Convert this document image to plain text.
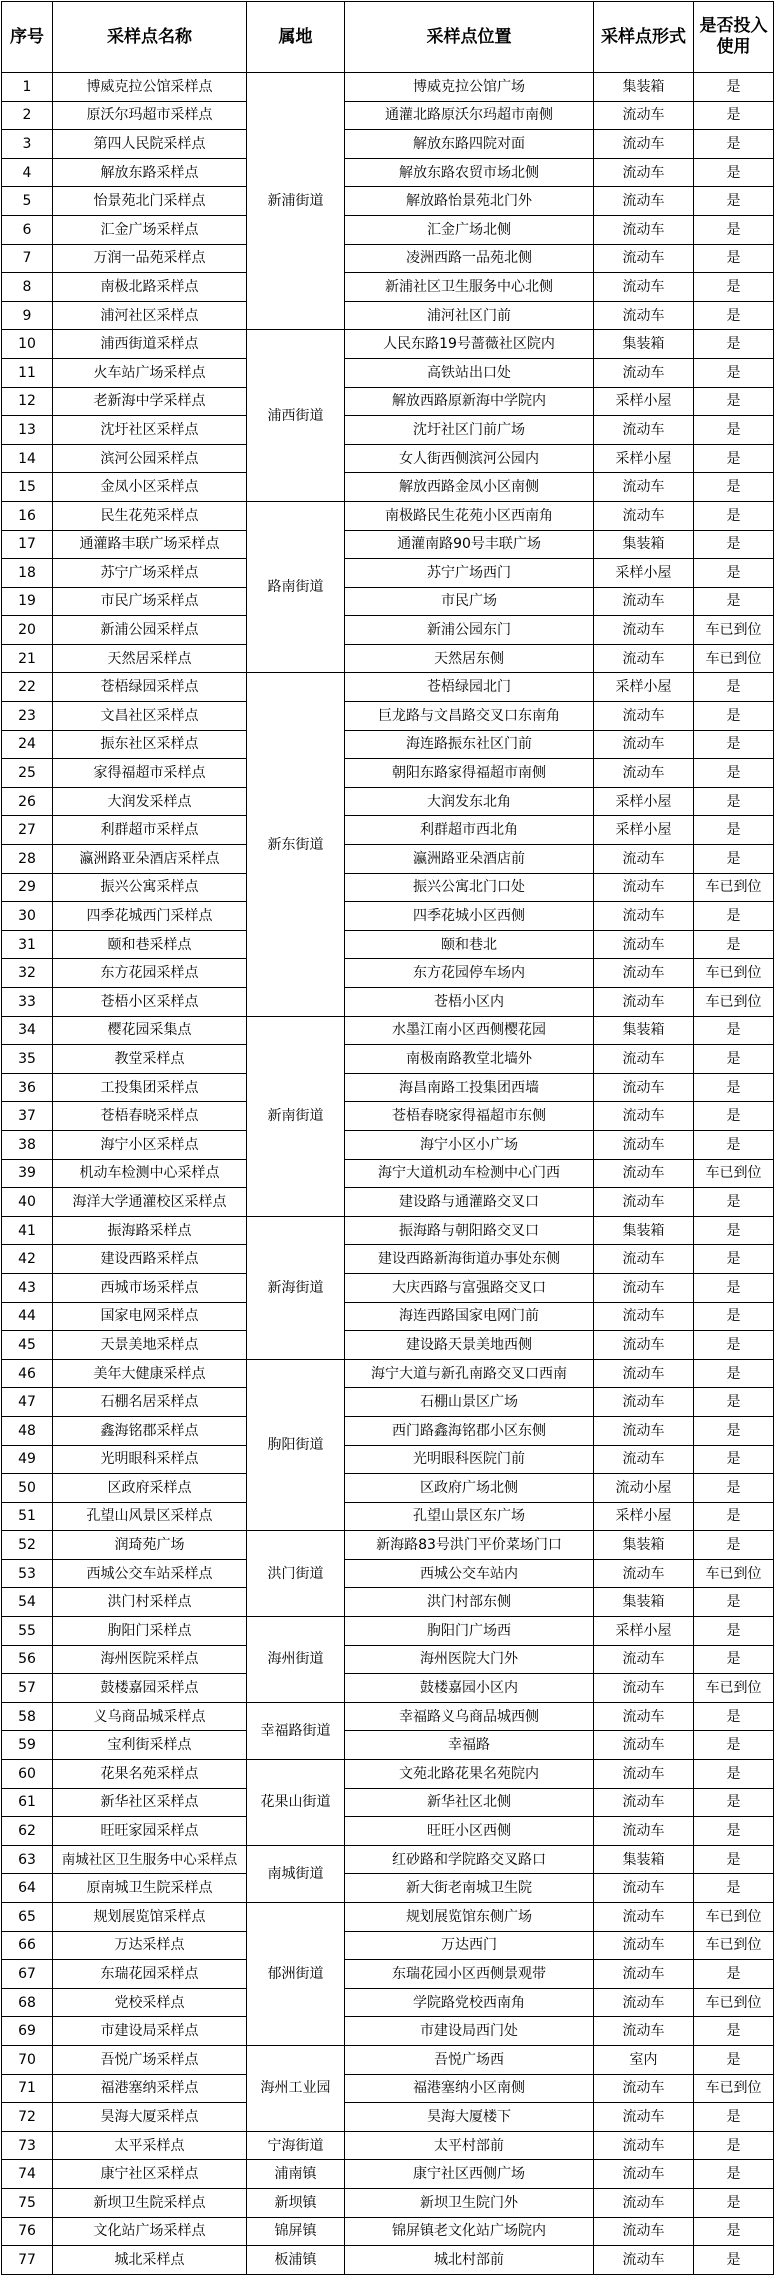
序号	采样点名称	属地	采样点位置	采样点形式	是否投入使用
1	博威克拉公馆采样点	新浦街道	博威克拉公馆广场	集装箱	是
2	原沃尔玛超市采样点		通灌北路原沃尔玛超市南侧	流动车	是
3	第四人民院采样点		解放东路四院对面	流动车	是
4	解放东路采样点		解放东路农贸市场北侧	流动车	是
5	怡景苑北门采样点		解放路怡景苑北门外	流动车	是
6	汇金广场采样点		汇金广场北侧	流动车	是
7	万润一品苑采样点		凌洲西路一品苑北侧	流动车	是
8	南极北路采样点		新浦社区卫生服务中心北侧	流动车	是
9	浦河社区采样点		浦河社区门前	流动车	是
10	浦西街道采样点	浦西街道	人民东路19号蔷薇社区院内	集装箱	是
11	火车站广场采样点		高铁站出口处	流动车	是
12	老新海中学采样点		解放西路原新海中学院内	采样小屋	是
13	沈圩社区采样点		沈圩社区门前广场	流动车	是
14	滨河公园采样点		女人街西侧滨河公园内	采样小屋	是
15	金凤小区采样点		解放西路金凤小区南侧	流动车	是
16	民生花苑采样点	路南街道	南极路民生花苑小区西南角	流动车	是
17	通灌路丰联广场采样点		通灌南路90号丰联广场	集装箱	是
18	苏宁广场采样点		苏宁广场西门	采样小屋	是
19	市民广场采样点		市民广场	流动车	是
20	新浦公园采样点		新浦公园东门	流动车	车已到位
21	天然居采样点		天然居东侧	流动车	车已到位
22	苍梧绿园采样点	新东街道	苍梧绿园北门	采样小屋	是
23	文昌社区采样点		巨龙路与文昌路交叉口东南角	流动车	是
24	振东社区采样点		海连路振东社区门前	流动车	是
25	家得福超市采样点		朝阳东路家得福超市南侧	流动车	是
26	大润发采样点		大润发东北角	采样小屋	是
27	利群超市采样点		利群超市西北角	采样小屋	是
28	瀛洲路亚朵酒店采样点		瀛洲路亚朵酒店前	流动车	是
29	振兴公寓采样点		振兴公寓北门口处	流动车	车已到位
30	四季花城西门采样点		四季花城小区西侧	流动车	是
31	颐和巷采样点		颐和巷北	流动车	是
32	东方花园采样点		东方花园停车场内	流动车	车已到位
33	苍梧小区采样点		苍梧小区内	流动车	车已到位
34	樱花园采集点	新南街道	水墨江南小区西侧樱花园	集装箱	是
35	教堂采样点		南极南路教堂北墙外	流动车	是
36	工投集团采样点		海昌南路工投集团西墙	流动车	是
37	苍梧春晓采样点		苍梧春晓家得福超市东侧	流动车	是
38	海宁小区采样点		海宁小区小广场	流动车	是
39	机动车检测中心采样点		海宁大道机动车检测中心门西	流动车	车已到位
40	海洋大学通灌校区采样点		建设路与通灌路交叉口	流动车	是
41	振海路采样点	新海街道	振海路与朝阳路交叉口	集装箱	是
42	建设西路采样点		建设西路新海街道办事处东侧	流动车	是
43	西城市场采样点		大庆西路与富强路交叉口	流动车	是
44	国家电网采样点		海连西路国家电网门前	流动车	是
45	天景美地采样点		建设路天景美地西侧	流动车	是
46	美年大健康采样点	朐阳街道	海宁大道与新孔南路交叉口西南	流动车	是
47	石棚名居采样点		石棚山景区广场	流动车	是
48	鑫海铭郡采样点		西门路鑫海铭郡小区东侧	流动车	是
49	光明眼科采样点		光明眼科医院门前	流动车	是
50	区政府采样点		区政府广场北侧	流动小屋	是
51	孔望山风景区采样点		孔望山景区东广场	采样小屋	是
52	润琦苑广场	洪门街道	新海路83号洪门平价菜场门口	集装箱	是
53	西城公交车站采样点		西城公交车站内	流动车	车已到位
54	洪门村采样点		洪门村部东侧	集装箱	是
55	朐阳门采样点	海州街道	朐阳门广场西	采样小屋	是
56	海州医院采样点		海州医院大门外	流动车	是
57	鼓楼嘉园采样点		鼓楼嘉园小区内	流动车	车已到位
58	义乌商品城采样点	幸福路街道	幸福路义乌商品城西侧	流动车	是
59	宝利街采样点		幸福路	流动车	是
60	花果名苑采样点	花果山街道	文苑北路花果名苑院内	流动车	是
61	新华社区采样点		新华社区北侧	流动车	是
62	旺旺家园采样点		旺旺小区西侧	流动车	是
63	南城社区卫生服务中心采样点	南城街道	红砂路和学院路交叉路口	集装箱	是
64	原南城卫生院采样点		新大街老南城卫生院	流动车	是
65	规划展览馆采样点	郁洲街道	规划展览馆东侧广场	流动车	车已到位
66	万达采样点		万达西门	流动车	车已到位
67	东瑞花园采样点		东瑞花园小区西侧景观带	流动车	是
68	党校采样点		学院路党校西南角	流动车	车已到位
69	市建设局采样点		市建设局西门处	流动车	是
70	吾悦广场采样点	海州工业园	吾悦广场西	室内	是
71	福港塞纳采样点		福港塞纳小区南侧	流动车	车已到位
72	昊海大厦采样点		昊海大厦楼下	流动车	是
73	太平采样点	宁海街道	太平村部前	流动车	是
74	康宁社区采样点	浦南镇	康宁社区西侧广场	流动车	是
75	新坝卫生院采样点	新坝镇	新坝卫生院门外	流动车	是
76	文化站广场采样点	锦屏镇	锦屏镇老文化站广场院内	流动车	是
77	城北采样点	板浦镇	城北村部前	流动车	是
